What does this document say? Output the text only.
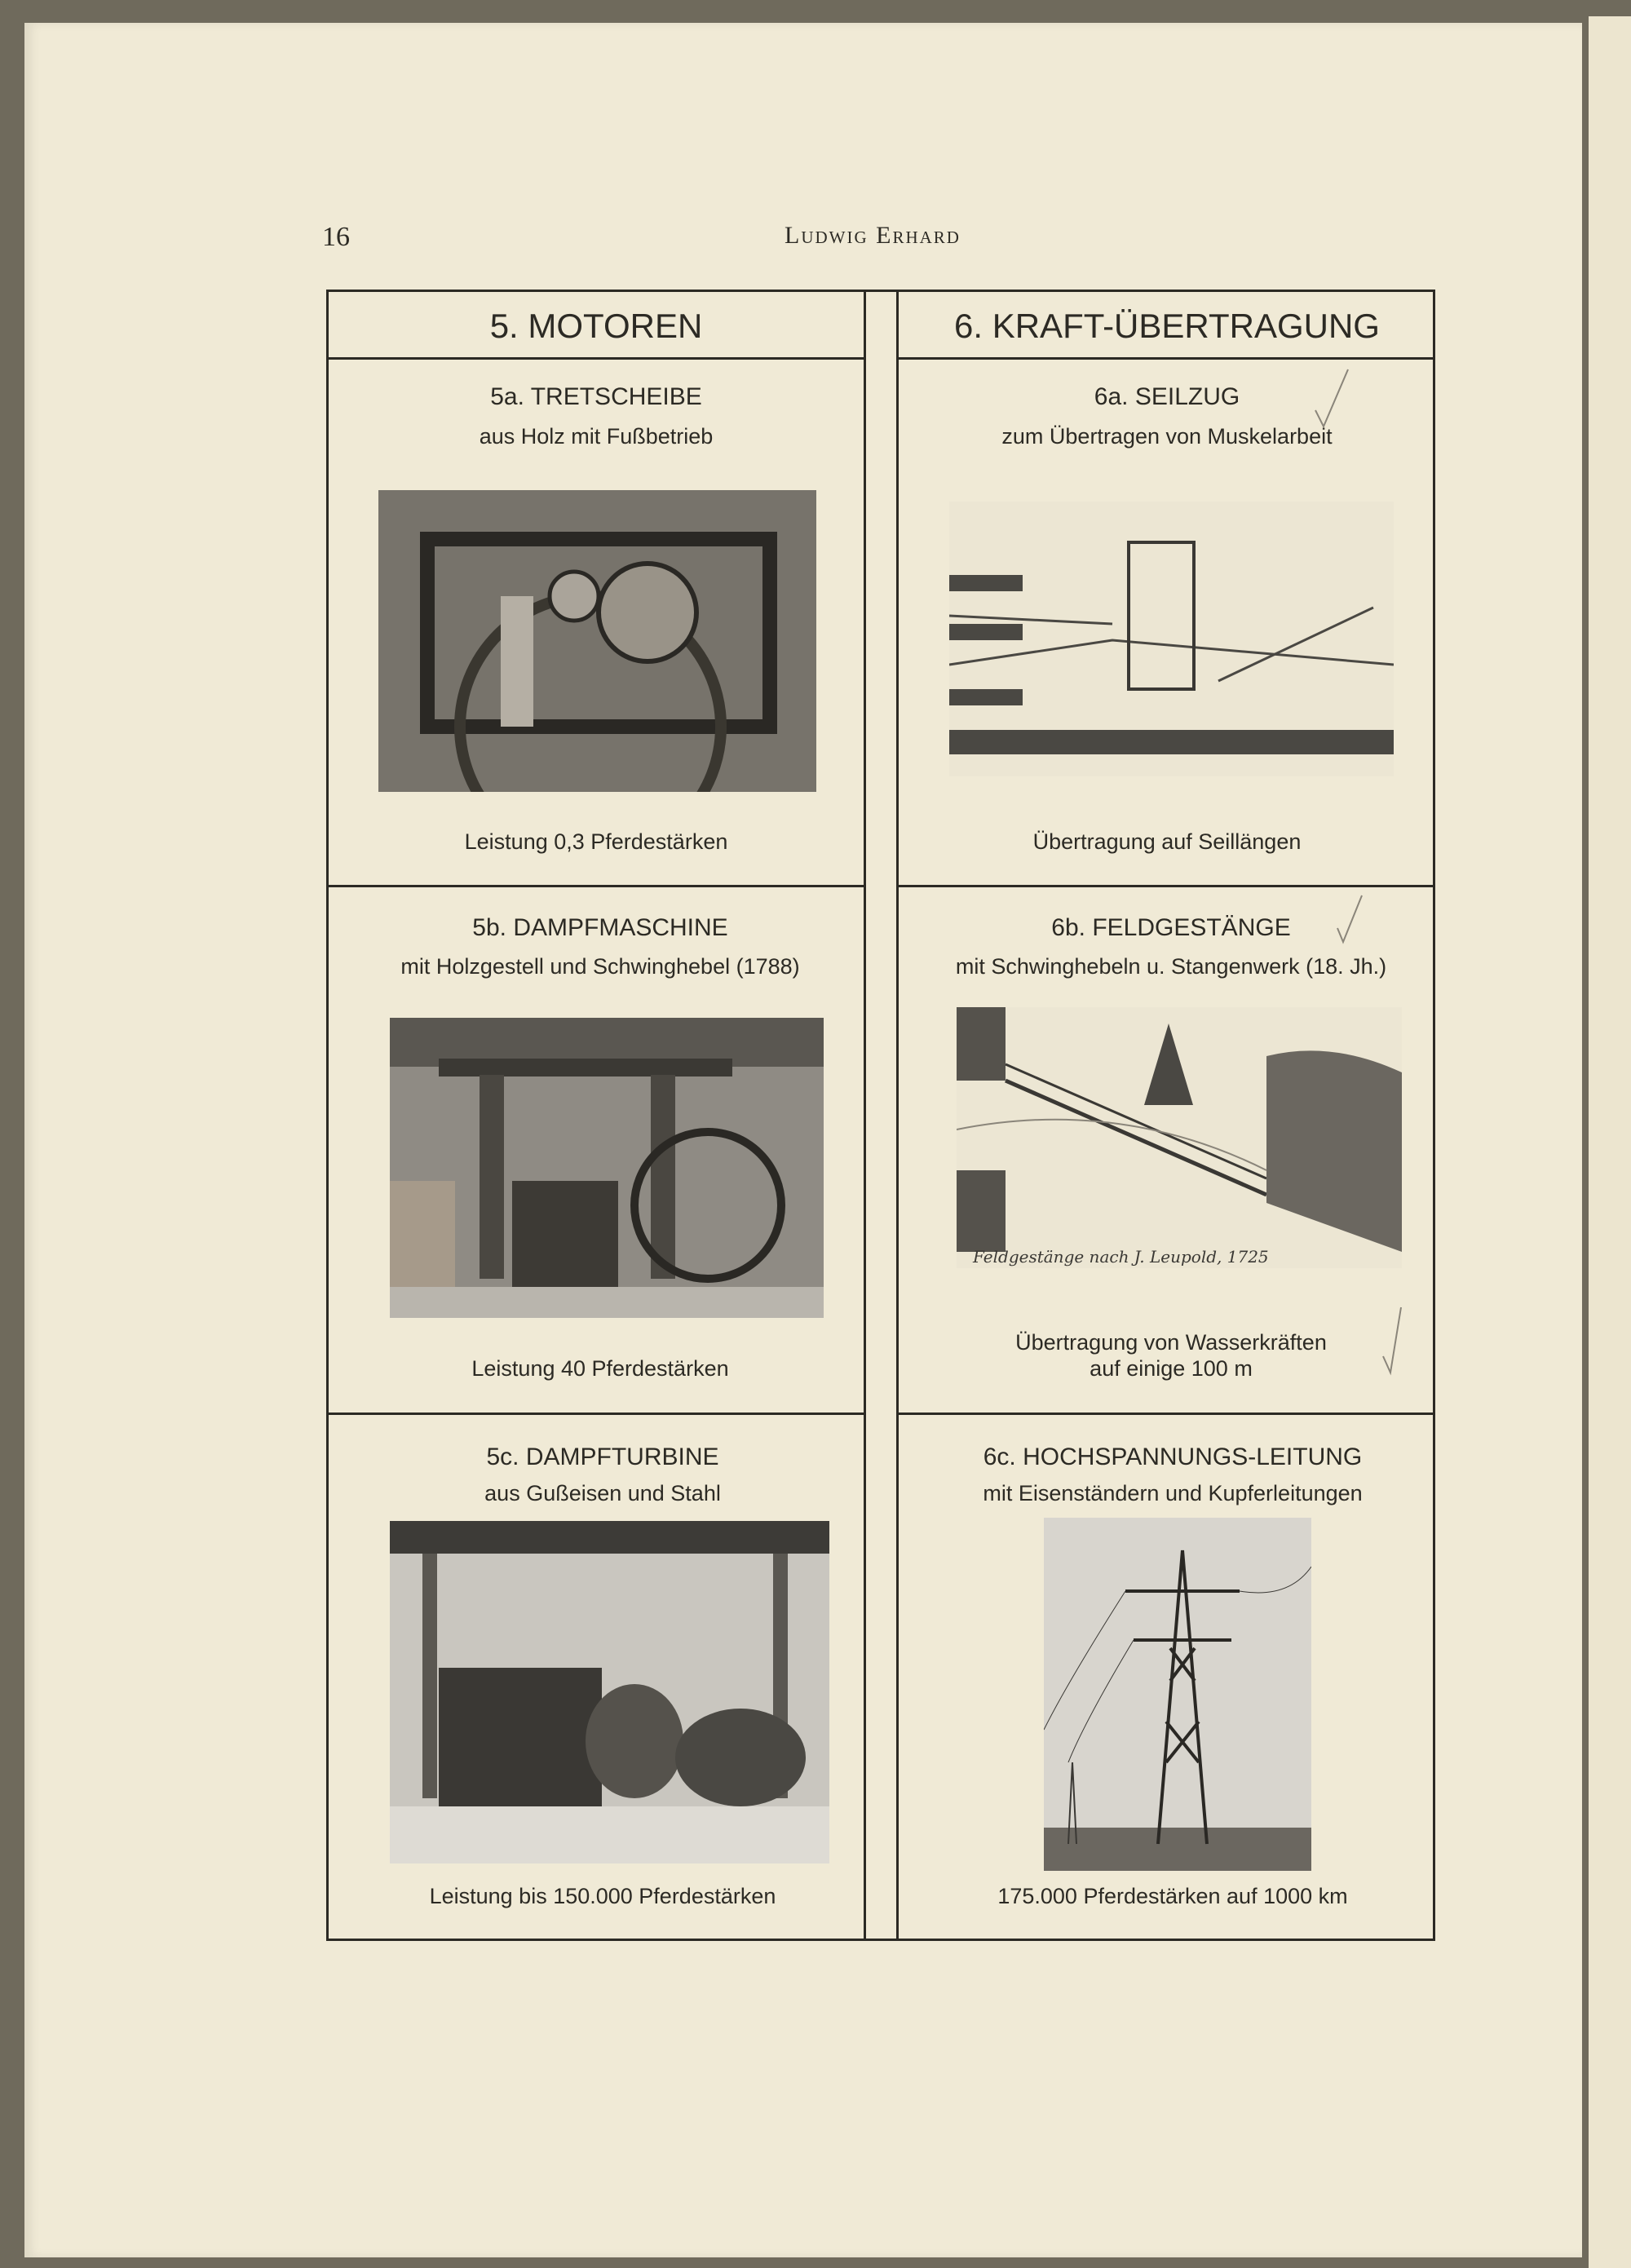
16	Ludwig Erhard
5. MOTOREN	6. KRAFT-ÜBERTRAGUNG
5a. TRETSCHEIBE
aus Holz mit Fußbetrieb
Leistung 0,3 Pferdestärken
5b. DAMPFMASCHINE
mit Holzgestell und Schwinghebel (1788)
Leistung 40 Pferdestärken
5c. DAMPFTURBINE
aus Gußeisen und Stahl
Leistung bis 150.000 Pferdestärken
6a. SEILZUG
zum Übertragen von Muskelarbeit
Übertragung auf Seillängen
6b. FELDGESTÄNGE
mit Schwinghebeln u. Stangenwerk (18. Jh.)
Feldgestänge nach J. Leupold, 1725
Übertragung von Wasserkräften
auf einige 100 m
6c. HOCHSPANNUNGS-LEITUNG
mit Eisenständern und Kupferleitungen
175.000 Pferdestärken auf 1000 km
